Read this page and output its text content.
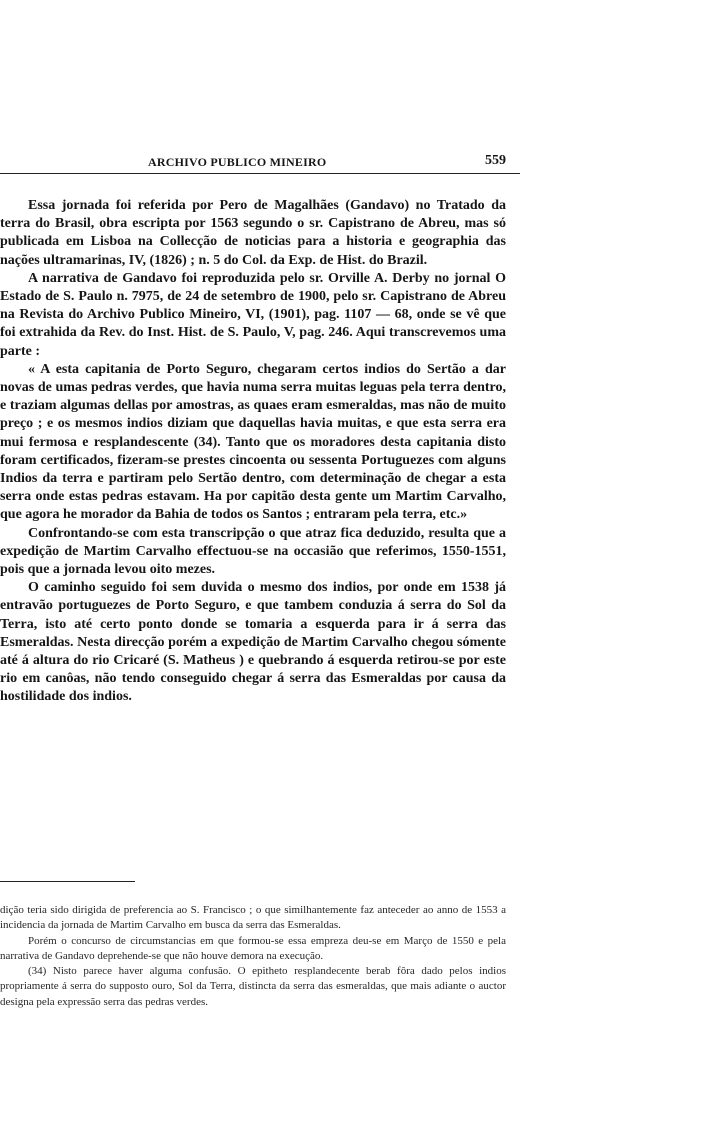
ARCHIVO PUBLICO MINEIRO	559

Essa jornada foi referida por Pero de Magalhães (Gandavo) no Tratado da terra do Brasil, obra escripta por 1563 segundo o sr. Capistrano de Abreu, mas só publicada em Lisboa na Collecção de noticias para a historia e geographia das nações ultramarinas, IV, (1826) ; n. 5 do Col. da Exp. de Hist. do Brazil.

A narrativa de Gandavo foi reproduzida pelo sr. Orville A. Derby no jornal O Estado de S. Paulo n. 7975, de 24 de setembro de 1900, pelo sr. Capistrano de Abreu na Revista do Archivo Publico Mineiro, VI, (1901), pag. 1107 — 68, onde se vê que foi extrahida da Rev. do Inst. Hist. de S. Paulo, V, pag. 246. Aqui transcrevemos uma parte :

« A esta capitania de Porto Seguro, chegaram certos indios do Sertão a dar novas de umas pedras verdes, que havia numa serra muitas leguas pela terra dentro, e traziam algumas dellas por amostras, as quaes eram esmeraldas, mas não de muito preço ; e os mesmos indios diziam que daquellas havia muitas, e que esta serra era mui fermosa e resplandescente (34). Tanto que os moradores desta capitania disto foram certificados, fizeram-se prestes cincoenta ou sessenta Portuguezes com alguns Indios da terra e partiram pelo Sertão dentro, com determinação de chegar a esta serra onde estas pedras estavam. Ha por capitão desta gente um Martim Carvalho, que agora he morador da Bahia de todos os Santos ; entraram pela terra, etc.»

Confrontando-se com esta transcripção o que atraz fica deduzido, resulta que a expedição de Martim Carvalho effectuou-se na occasião que referimos, 1550-1551, pois que a jornada levou oito mezes.

O caminho seguido foi sem duvida o mesmo dos indios, por onde em 1538 já entravão portuguezes de Porto Seguro, e que tambem conduzia á serra do Sol da Terra, isto até certo ponto donde se tomaria a esquerda para ir á serra das Esmeraldas. Nesta direcção porém a expedição de Martim Carvalho chegou sómente até á altura do rio Cricaré (S. Matheus ) e quebrando á esquerda retirou-se por este rio em canôas, não tendo conseguido chegar á serra das Esmeraldas por causa da hostilidade dos indios.

dição teria sido dirigida de preferencia ao S. Francisco ; o que similhantemente faz anteceder ao anno de 1553 a incidencia da jornada de Martim Carvalho em busca da serra das Esmeraldas.

Porém o concurso de circumstancias em que formou-se essa empreza deu-se em Março de 1550 e pela narrativa de Gandavo deprehende-se que não houve demora na execução.

(34) Nisto parece haver alguma confusão. O epitheto resplandecente berab fôra dado pelos indios propriamente á serra do supposto ouro, Sol da Terra, distincta da serra das esmeraldas, que mais adiante o auctor designa pela expressão serra das pedras verdes.
